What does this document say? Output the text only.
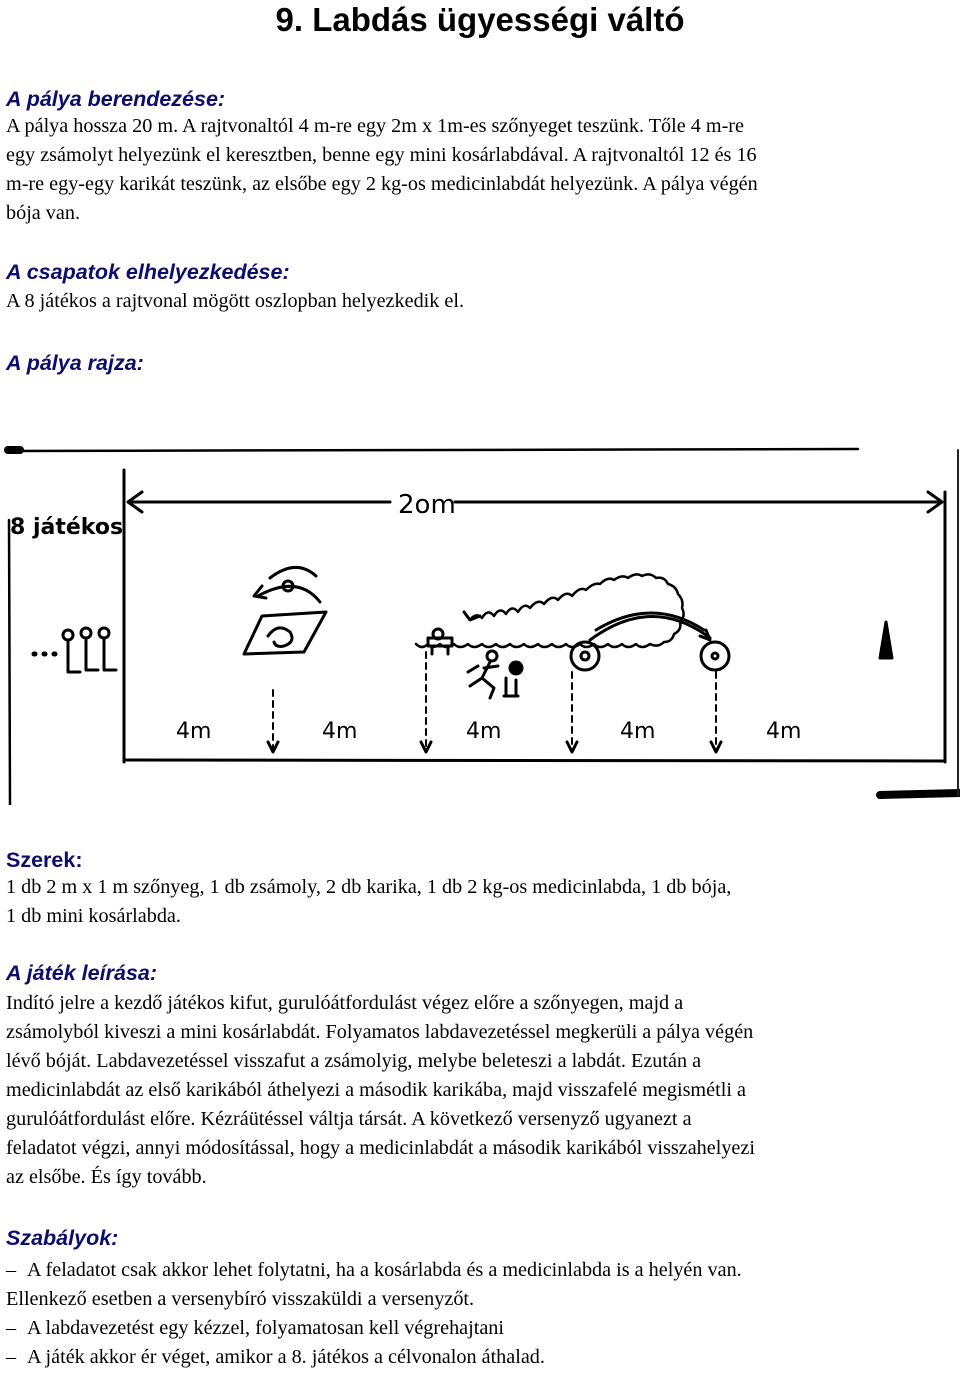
9. Labdás ügyességi váltó
A pálya berendezése:
A pálya hossza 20 m. A rajtvonaltól 4 m-re egy 2m x 1m-es szőnyeget teszünk. Tőle 4 m-re
egy zsámolyt helyezünk el keresztben, benne egy mini kosárlabdával. A rajtvonaltól 12 és 16
m-re egy-egy karikát teszünk, az elsőbe egy 2 kg-os medicinlabdát helyezünk. A pálya végén
bója van.
A csapatok elhelyezkedése:
A 8 játékos a rajtvonal mögött oszlopban helyezkedik el.
A pálya rajza:
8 játékos
2om
4m	4m	4m	4m	4m
Szerek:
1 db 2 m x 1 m szőnyeg, 1 db zsámoly, 2 db karika, 1 db 2 kg-os medicinlabda, 1 db bója,
1 db mini kosárlabda.
A játék leírása:
Indító jelre a kezdő játékos kifut, gurulóátfordulást végez előre a szőnyegen, majd a
zsámolyból kiveszi a mini kosárlabdát. Folyamatos labdavezetéssel megkerüli a pálya végén
lévő bóját. Labdavezetéssel visszafut a zsámolyig, melybe beleteszi a labdát. Ezután a
medicinlabdát az első karikából áthelyezi a második karikába, majd visszafelé megismétli a
gurulóátfordulást előre. Kézráütéssel váltja társát. A következő versenyző ugyanezt a
feladatot végzi, annyi módosítással, hogy a medicinlabdát a második karikából visszahelyezi
az elsőbe. És így tovább.
Szabályok:
– A feladatot csak akkor lehet folytatni, ha a kosárlabda és a medicinlabda is a helyén van.
Ellenkező esetben a versenybíró visszaküldi a versenyzőt.
– A labdavezetést egy kézzel, folyamatosan kell végrehajtani
– A játék akkor ér véget, amikor a 8. játékos a célvonalon áthalad.
